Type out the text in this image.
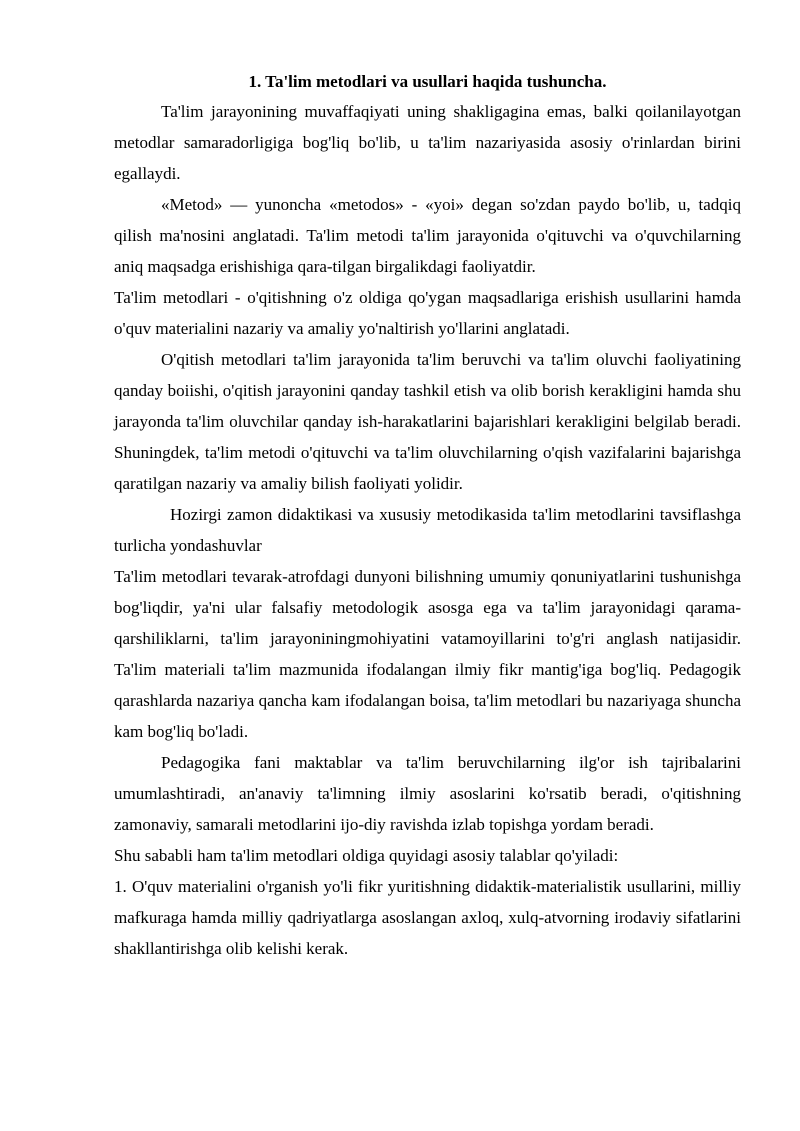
1. Ta'lim metodlari va usullari haqida tushuncha.

Ta'lim jarayonining muvaffaqiyati uning shakligagina emas, balki qoilanilayotgan metodlar samaradorligiga bog'liq bo'lib, u ta'lim nazariyasida asosiy o'rinlardan birini egallaydi.

«Metod» — yunoncha «metodos» - «yoi» degan so'zdan paydo bo'lib, u, tadqiq qilish ma'nosini anglatadi. Ta'lim metodi ta'lim jarayonida o'qituvchi va o'quvchilarning aniq maqsadga erishishiga qara-tilgan birgalikdagi faoliyatdir.

Ta'lim metodlari - o'qitishning o'z oldiga qo'ygan maqsadlariga erishish usullarini hamda o'quv materialini nazariy va amaliy yo'naltirish yo'llarini anglatadi.

O'qitish metodlari ta'lim jarayonida ta'lim beruvchi va ta'lim oluvchi faoliyatining qanday boiishi, o'qitish jarayonini qanday tashkil etish va olib borish kerakligini hamda shu jarayonda ta'lim oluvchilar qanday ish-harakatlarini bajarishlari kerakligini belgilab beradi. Shuningdek, ta'lim metodi o'qituvchi va ta'lim oluvchilarning o'qish vazifalarini bajarishga qaratilgan nazariy va amaliy bilish faoliyati yolidir.

Hozirgi zamon didaktikasi va xususiy metodikasida ta'lim metodlarini tavsiflashga turlicha yondashuvlar

Ta'lim metodlari tevarak-atrofdagi dunyoni bilishning umumiy qonuniyatlarini tushunishga bog'liqdir, ya'ni ular falsafiy metodologik asosga ega va ta'lim jarayonidagi qarama-qarshiliklarni, ta'lim jarayoniningmohiyatini vatamoyillarini to'g'ri anglash natijasidir. Ta'lim materiali ta'lim mazmunida ifodalangan ilmiy fikr mantig'iga bog'liq. Pedagogik qarashlarda nazariya qancha kam ifodalangan boisa, ta'lim metodlari bu nazariyaga shuncha kam bog'liq bo'ladi.

Pedagogika fani maktablar va ta'lim beruvchilarning ilg'or ish tajribalarini umumlashtiradi, an'anaviy ta'limning ilmiy asoslarini ko'rsatib beradi, o'qitishning zamonaviy, samarali metodlarini ijo-diy ravishda izlab topishga yordam beradi.

Shu sababli ham ta'lim metodlari oldiga quyidagi asosiy talablar qo'yiladi:

1. O'quv materialini o'rganish yo'li fikr yuritishning didaktik-materialistik usullarini, milliy mafkuraga hamda milliy qadriyatlarga asoslangan axloq, xulq-atvorning irodaviy sifatlarini shakllantirishga olib kelishi kerak.
